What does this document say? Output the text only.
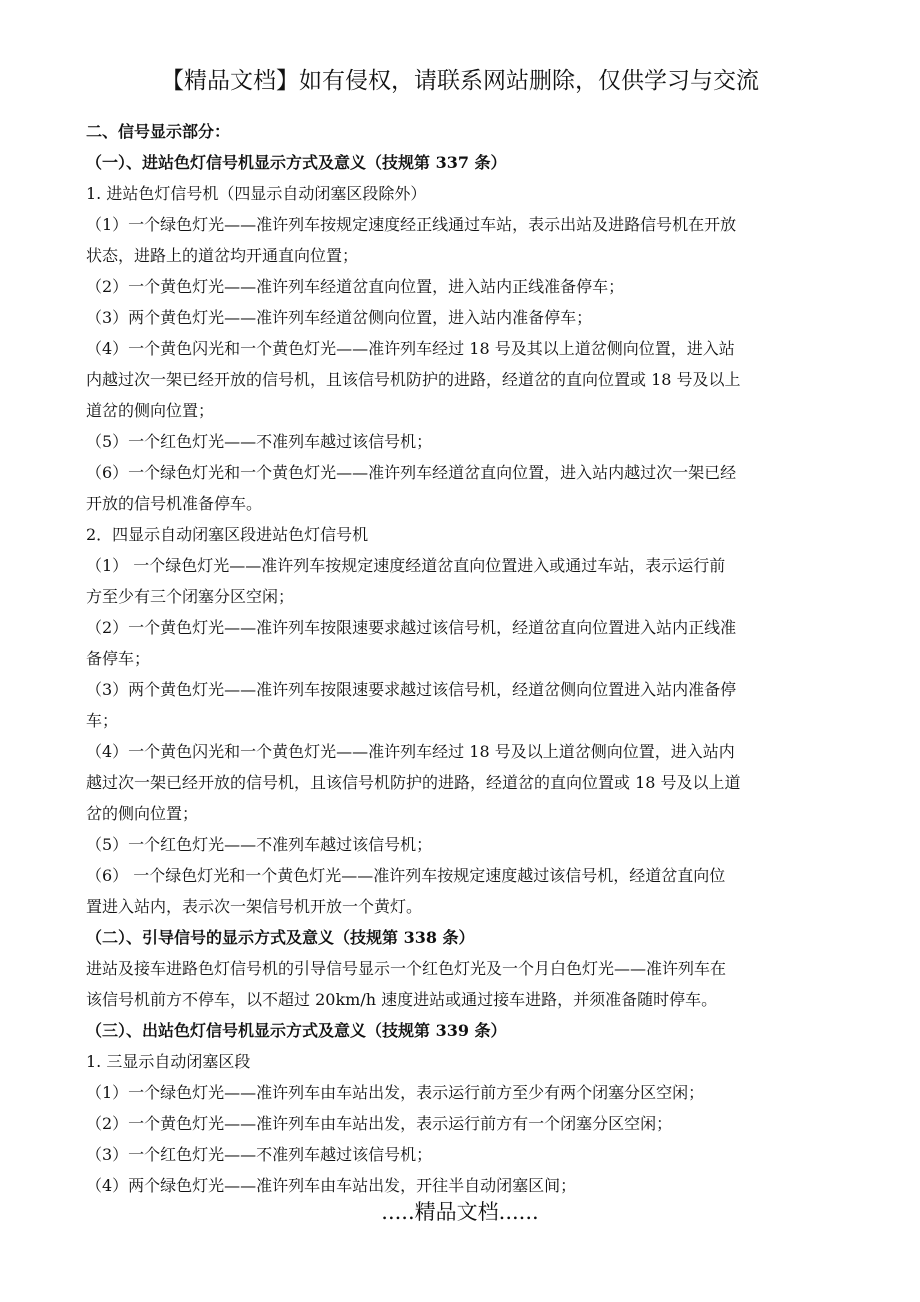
【精品文档】如有侵权，请联系网站删除，仅供学习与交流
二、信号显示部分：
（一）、进站色灯信号机显示方式及意义（技规第 337 条）
1. 进站色灯信号机（四显示自动闭塞区段除外）
（1）一个绿色灯光——准许列车按规定速度经正线通过车站，表示出站及进路信号机在开放
状态，进路上的道岔均开通直向位置；
（2）一个黄色灯光——准许列车经道岔直向位置，进入站内正线准备停车；
（3）两个黄色灯光——准许列车经道岔侧向位置，进入站内准备停车；
（4）一个黄色闪光和一个黄色灯光——准许列车经过 18 号及其以上道岔侧向位置，进入站
内越过次一架已经开放的信号机，且该信号机防护的进路，经道岔的直向位置或 18 号及以上
道岔的侧向位置；
（5）一个红色灯光——不准列车越过该信号机；
（6）一个绿色灯光和一个黄色灯光——准许列车经道岔直向位置，进入站内越过次一架已经
开放的信号机准备停车。
2．四显示自动闭塞区段进站色灯信号机
（1） 一个绿色灯光——准许列车按规定速度经道岔直向位置进入或通过车站，表示运行前
方至少有三个闭塞分区空闲；
（2）一个黄色灯光——准许列车按限速要求越过该信号机，经道岔直向位置进入站内正线准
备停车；
（3）两个黄色灯光——准许列车按限速要求越过该信号机，经道岔侧向位置进入站内准备停
车；
（4）一个黄色闪光和一个黄色灯光——准许列车经过 18 号及以上道岔侧向位置，进入站内
越过次一架已经开放的信号机，且该信号机防护的进路，经道岔的直向位置或 18 号及以上道
岔的侧向位置；
（5）一个红色灯光——不准列车越过该信号机；
（6） 一个绿色灯光和一个黄色灯光——准许列车按规定速度越过该信号机，经道岔直向位
置进入站内，表示次一架信号机开放一个黄灯。
（二）、引导信号的显示方式及意义（技规第 338 条）
进站及接车进路色灯信号机的引导信号显示一个红色灯光及一个月白色灯光——准许列车在
该信号机前方不停车，以不超过 20km/h 速度进站或通过接车进路，并须准备随时停车。
（三）、出站色灯信号机显示方式及意义（技规第 339 条）
1. 三显示自动闭塞区段
（1）一个绿色灯光——准许列车由车站出发，表示运行前方至少有两个闭塞分区空闲；
（2）一个黄色灯光——准许列车由车站出发，表示运行前方有一个闭塞分区空闲；
（3）一个红色灯光——不准列车越过该信号机；
（4）两个绿色灯光——准许列车由车站出发，开往半自动闭塞区间；
.....精品文档......
